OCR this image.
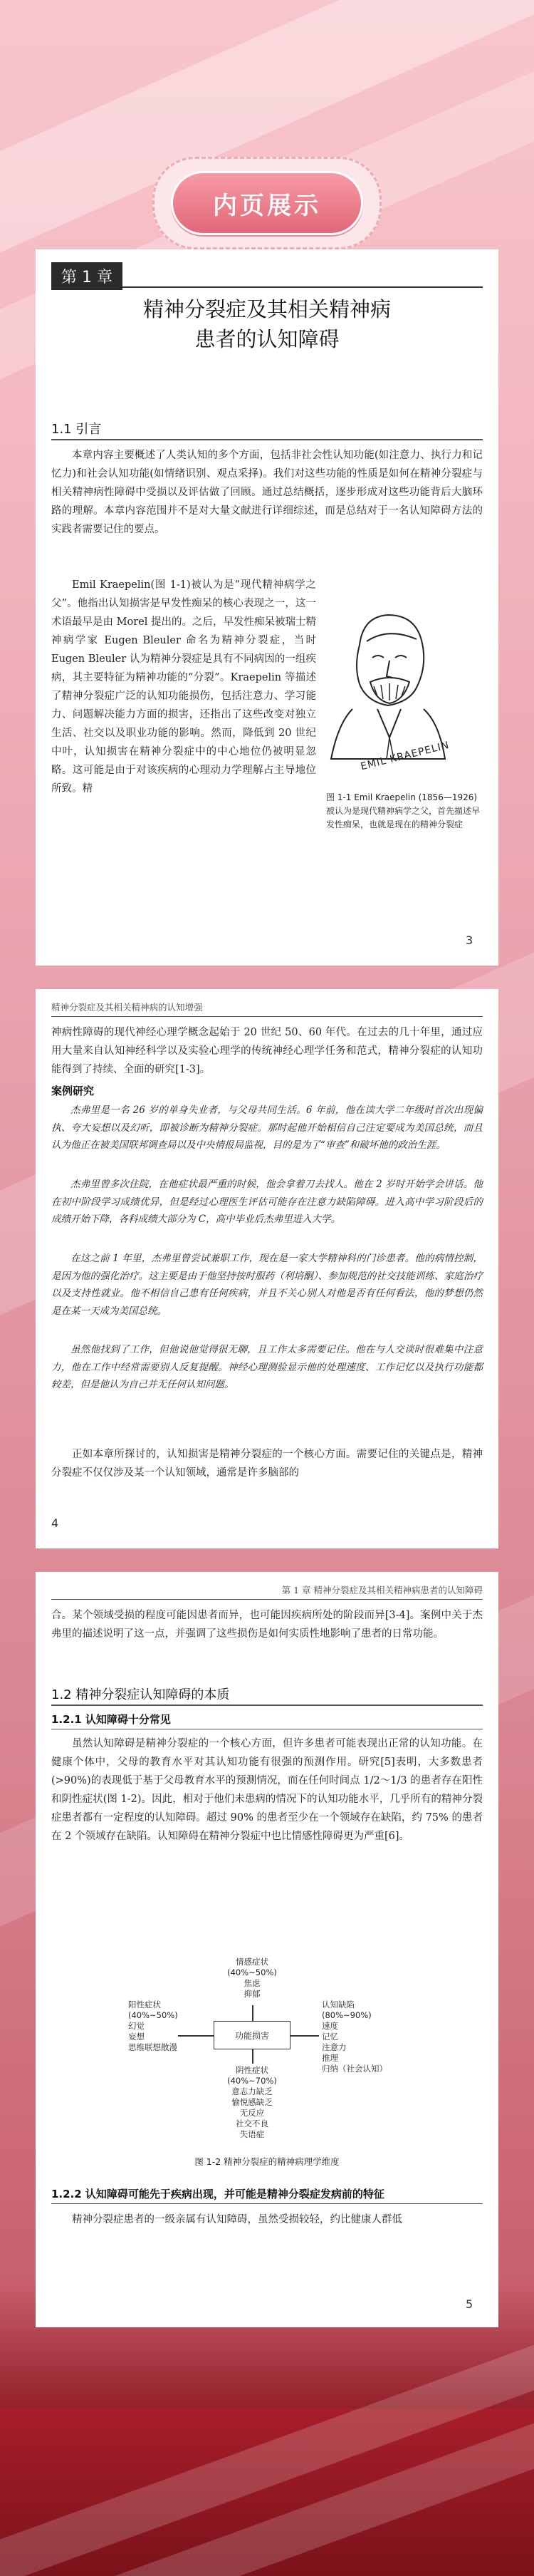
内页展示
第 1 章
精神分裂症及其相关精神病
患者的认知障碍
1.1 引言
本章内容主要概述了人类认知的多个方面，包括非社会性认知功能(如注意力、执行力和记忆力)和社会认知功能(如情绪识别、观点采择)。我们对这些功能的性质是如何在精神分裂症与相关精神病性障碍中受损以及评估做了回顾。通过总结概括，逐步形成对这些功能背后大脑环路的理解。本章内容范围并不是对大量文献进行详细综述，而是总结对于一名认知障碍方法的实践者需要记住的要点。
Emil Kraepelin(图 1-1)被认为是“现代精神病学之父”。他指出认知损害是早发性痴呆的核心表现之一，这一术语最早是由 Morel 提出的。之后，早发性痴呆被瑞士精神病学家 Eugen Bleuler 命名为精神分裂症，当时 Eugen Bleuler 认为精神分裂症是具有不同病因的一组疾病，其主要特征为精神功能的“分裂”。Kraepelin 等描述了精神分裂症广泛的认知功能损伤，包括注意力、学习能力、问题解决能力方面的损害，还指出了这些改变对独立生活、社交以及职业功能的影响。然而，降低到 20 世纪中叶，认知损害在精神分裂症中的中心地位仍被明显忽略。这可能是由于对该疾病的心理动力学理解占主导地位所致。精
EMIL KRAEPELIN
图 1-1 Emil Kraepelin (1856—1926) 被认为是现代精神病学之父，首先描述早发性痴呆，也就是现在的精神分裂症
3
精神分裂症及其相关精神病的认知增强
神病性障碍的现代神经心理学概念起始于 20 世纪 50、60 年代。在过去的几十年里，通过应用大量来自认知神经科学以及实验心理学的传统神经心理学任务和范式，精神分裂症的认知功能得到了持续、全面的研究[1-3]。
案例研究
杰弗里是一名 26 岁的单身失业者，与父母共同生活。6 年前，他在读大学二年级时首次出现偏执、夸大妄想以及幻听，即被诊断为精神分裂症。那时起他开始相信自己注定要成为美国总统，而且认为他正在被美国联邦调查局以及中央情报局监视，目的是为了“审查”和破坏他的政治生涯。
杰弗里曾多次住院，在他症状最严重的时候，他会拿着刀去找人。他在 2 岁时开始学会讲话。他在初中阶段学习成绩优异，但是经过心理医生评估可能存在注意力缺陷障碍。进入高中学习阶段后的成绩开始下降，各科成绩大部分为 C，高中毕业后杰弗里进入大学。
在这之前 1 年里，杰弗里曾尝试兼职工作，现在是一家大学精神科的门诊患者。他的病情控制，是因为他的强化治疗。这主要是由于他坚持按时服药（利培酮）、参加规范的社交技能训练、家庭治疗以及支持性就业。他不相信自己患有任何疾病，并且不关心别人对他是否有任何看法，他的梦想仍然是在某一天成为美国总统。
虽然他找到了工作，但他说他觉得很无聊，且工作太多需要记住。他在与人交谈时很难集中注意力，他在工作中经常需要别人反复提醒。神经心理测验显示他的处理速度、工作记忆以及执行功能都较差，但是他认为自己并无任何认知问题。
正如本章所探讨的，认知损害是精神分裂症的一个核心方面。需要记住的关键点是，精神分裂症不仅仅涉及某一个认知领域，通常是许多脑部的
4
第 1 章 精神分裂症及其相关精神病患者的认知障碍
合。某个领域受损的程度可能因患者而异，也可能因疾病所处的阶段而异[3-4]。案例中关于杰弗里的描述说明了这一点，并强调了这些损伤是如何实质性地影响了患者的日常功能。
1.2 精神分裂症认知障碍的本质
1.2.1 认知障碍十分常见
虽然认知障碍是精神分裂症的一个核心方面，但许多患者可能表现出正常的认知功能。在健康个体中，父母的教育水平对其认知功能有很强的预测作用。研究[5]表明，大多数患者(>90%)的表现低于基于父母教育水平的预测情况，而在任何时间点 1/2～1/3 的患者存在阳性和阴性症状(图 1-2)。因此，相对于他们未患病的情况下的认知功能水平，几乎所有的精神分裂症患者都有一定程度的认知障碍。超过 90% 的患者至少在一个领域存在缺陷，约 75% 的患者在 2 个领域存在缺陷。认知障碍在精神分裂症中也比情感性障碍更为严重[6]。
情感症状
(40%~50%)
焦虑
抑郁
阳性症状
(40%~50%)
幻觉
妄想
思维联想散漫
功能损害
认知缺陷
(80%~90%)
速度
记忆
注意力
推理
归纳（社会认知）
阴性症状
(40%~70%)
意志力缺乏
愉悦感缺乏
无反应
社交不良
失语症
图 1-2 精神分裂症的精神病理学维度
1.2.2 认知障碍可能先于疾病出现，并可能是精神分裂症发病前的特征
精神分裂症患者的一级亲属有认知障碍，虽然受损较轻，约比健康人群低
5
